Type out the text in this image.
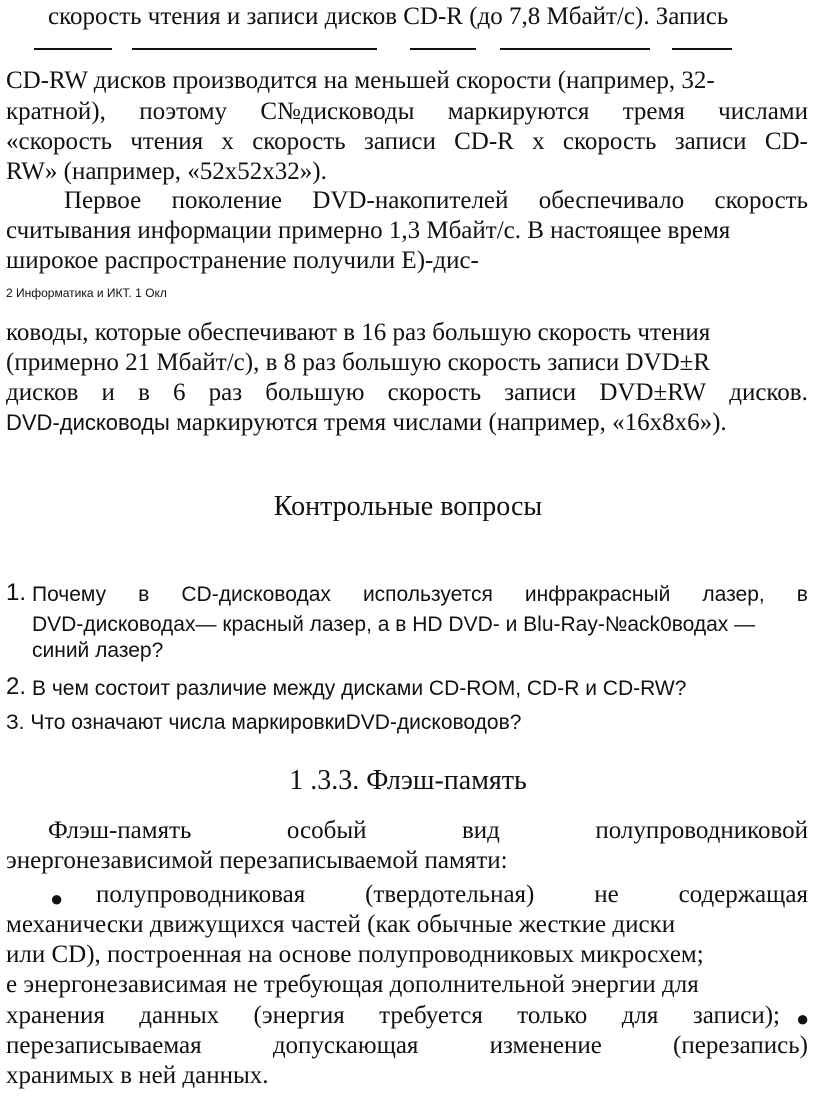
скорость чтения и записи дисков CD-R (до 7,8 Мбайт/с). Запись
CD-RW дисков производится на меньшей скорости (например, 32-
кратной), поэтому С№дисководы маркируются тремя числами
«скорость чтения х скорость записи CD-R х скорость записи CD-
RW» (например, «52х52х32»).
Первое поколение DVD-накопителей обеспечивало скорость
считывания информации примерно 1,3 Мбайт/с. В настоящее время
широкое распространение получили Е)-дис-
2 Информатика и ИКТ. 1 Окл
ководы, которые обеспечивают в 16 раз большую скорость чтения
(примерно 21 Мбайт/с), в 8 раз большую скорость записи DVD±R
дисков и в 6 раз большую скорость записи DVD±RW дисков.
DVD-дисководы маркируются тремя числами (например, «16х8х6»).
Контрольные вопросы
1. Почему в CD-дисководах используется инфракрасный лазер, в
DVD-дисководах— красный лазер, а в HD DVD- и Blu-Ray-№ack0водах —
синий лазер?
2. В чем состоит различие между дисками CD-ROM, CD-R и CD-RW?
З. Что означают числа маркировкиDVD-дисководов?
1 .3.3. Флэш-память
Флэш-память	особый	вид	полупроводниковой
энергонезависимой перезаписываемой памяти:
●	полупроводниковая (твердотельная) не содержащая
механически движущихся частей (как обычные жесткие диски
или CD), построенная на основе полупроводниковых микросхем;
е энергонезависимая не требующая дополнительной энергии для
хранения данных (энергия требуется только для записи); ●
перезаписываемая	допускающая	изменение	(перезапись)
хранимых в ней данных.
